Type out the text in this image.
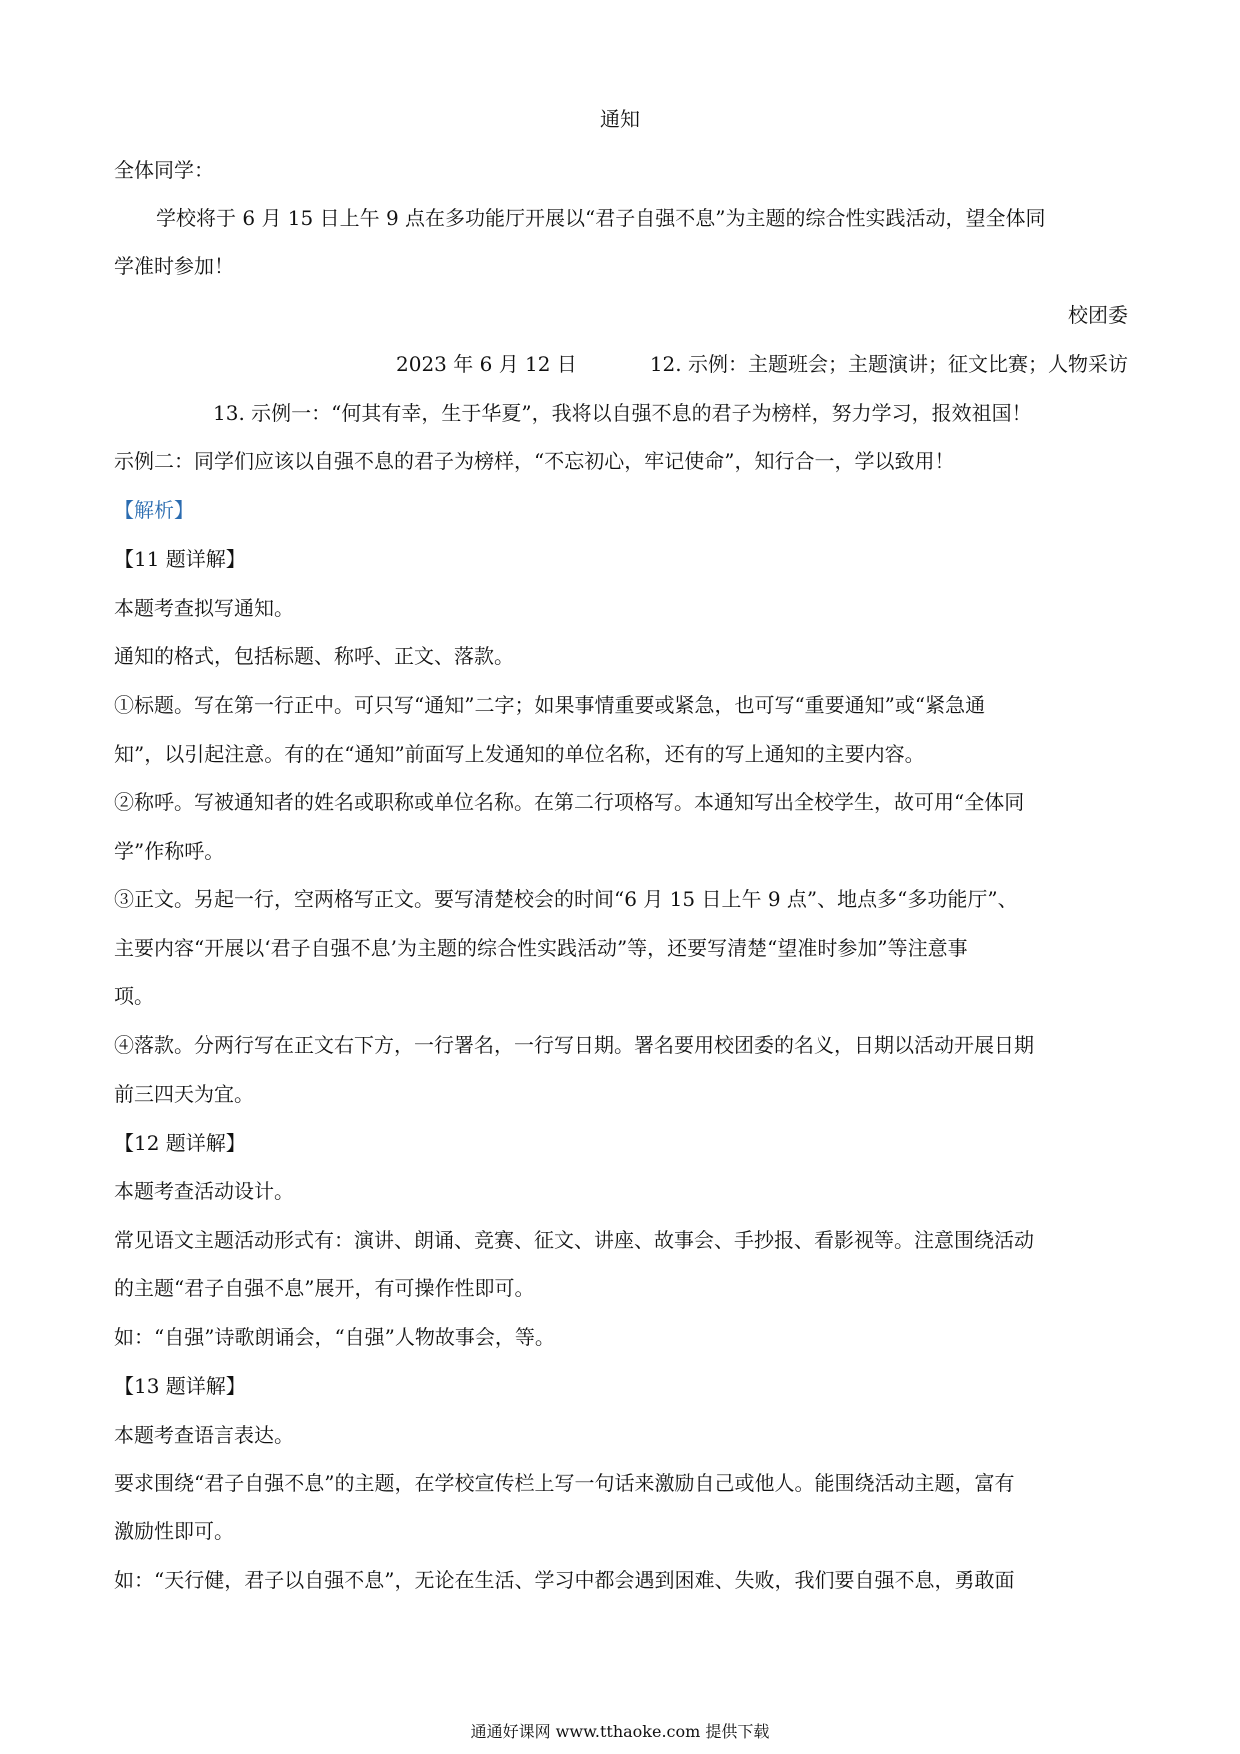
通知
全体同学：
学校将于 6 月 15 日上午 9 点在多功能厅开展以“君子自强不息”为主题的综合性实践活动，望全体同
学准时参加！
校团委
2023 年 6 月 12 日	12. 示例：主题班会；主题演讲；征文比赛；人物采访
13. 示例一：“何其有幸，生于华夏”，我将以自强不息的君子为榜样，努力学习，报效祖国！
示例二：同学们应该以自强不息的君子为榜样，“不忘初心，牢记使命”，知行合一，学以致用！
【解析】
【11 题详解】
本题考查拟写通知。
通知的格式，包括标题、称呼、正文、落款。
①标题。写在第一行正中。可只写“通知”二字；如果事情重要或紧急，也可写“重要通知”或“紧急通
知”，以引起注意。有的在“通知”前面写上发通知的单位名称，还有的写上通知的主要内容。
②称呼。写被通知者的姓名或职称或单位名称。在第二行项格写。本通知写出全校学生，故可用“全体同
学”作称呼。
③正文。另起一行，空两格写正文。要写清楚校会的时间“6 月 15 日上午 9 点”、地点多“多功能厅”、
主要内容“开展以‘君子自强不息’为主题的综合性实践活动”等，还要写清楚“望准时参加”等注意事
项。
④落款。分两行写在正文右下方，一行署名，一行写日期。署名要用校团委的名义，日期以活动开展日期
前三四天为宜。
【12 题详解】
本题考查活动设计。
常见语文主题活动形式有：演讲、朗诵、竞赛、征文、讲座、故事会、手抄报、看影视等。注意围绕活动
的主题“君子自强不息”展开，有可操作性即可。
如：“自强”诗歌朗诵会，“自强”人物故事会，等。
【13 题详解】
本题考查语言表达。
要求围绕“君子自强不息”的主题，在学校宣传栏上写一句话来激励自己或他人。能围绕活动主题，富有
激励性即可。
如：“天行健，君子以自强不息”，无论在生活、学习中都会遇到困难、失败，我们要自强不息，勇敢面
通通好课网 www.tthaoke.com 提供下载
